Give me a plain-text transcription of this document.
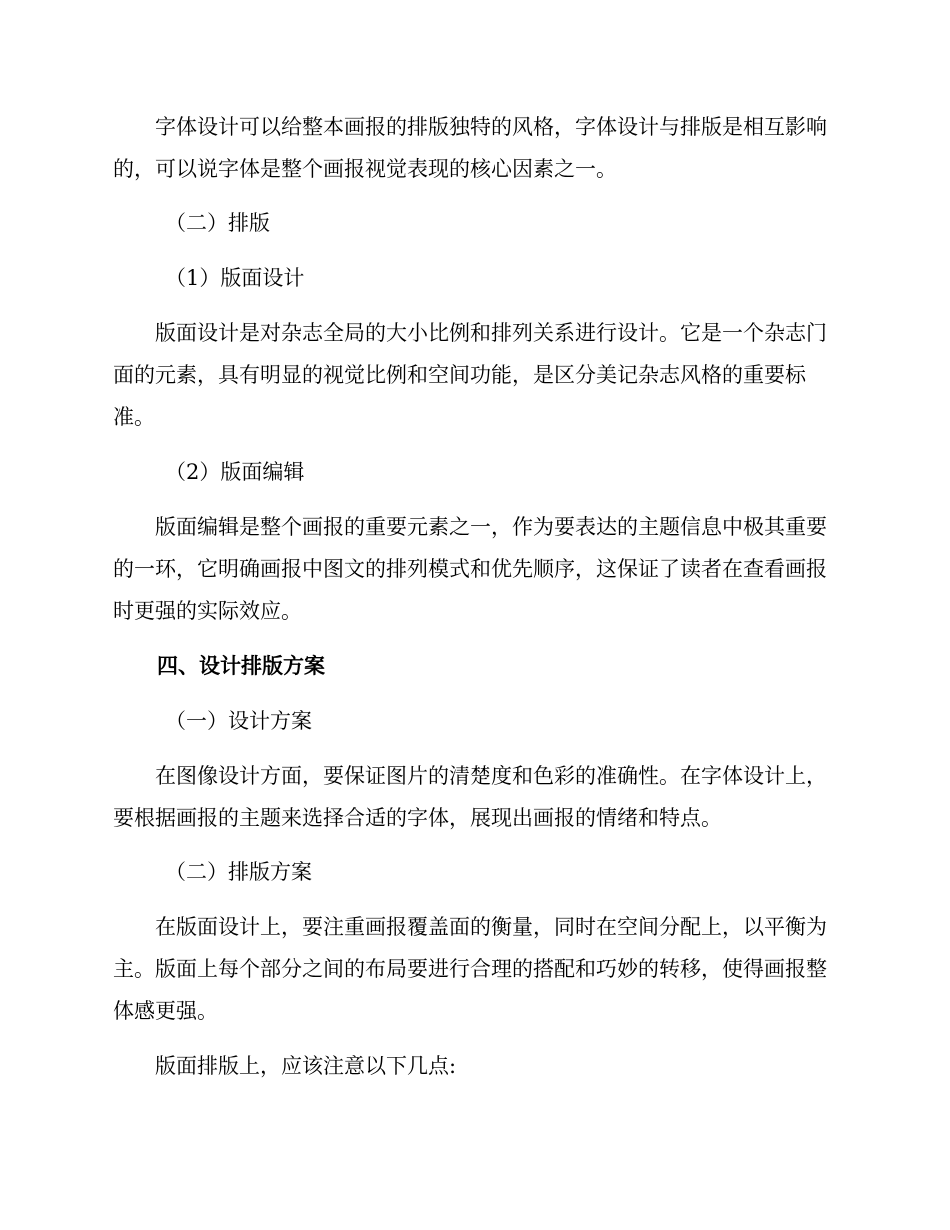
字体设计可以给整本画报的排版独特的风格，字体设计与排版是相互影响的，可以说字体是整个画报视觉表现的核心因素之一。

（二）排版

（1）版面设计

版面设计是对杂志全局的大小比例和排列关系进行设计。它是一个杂志门面的元素，具有明显的视觉比例和空间功能，是区分美记杂志风格的重要标准。

（2）版面编辑

版面编辑是整个画报的重要元素之一，作为要表达的主题信息中极其重要的一环，它明确画报中图文的排列模式和优先顺序，这保证了读者在查看画报时更强的实际效应。

四、设计排版方案

（一）设计方案

在图像设计方面，要保证图片的清楚度和色彩的准确性。在字体设计上，要根据画报的主题来选择合适的字体，展现出画报的情绪和特点。

（二）排版方案

在版面设计上，要注重画报覆盖面的衡量，同时在空间分配上，以平衡为主。版面上每个部分之间的布局要进行合理的搭配和巧妙的转移，使得画报整体感更强。

版面排版上，应该注意以下几点:
